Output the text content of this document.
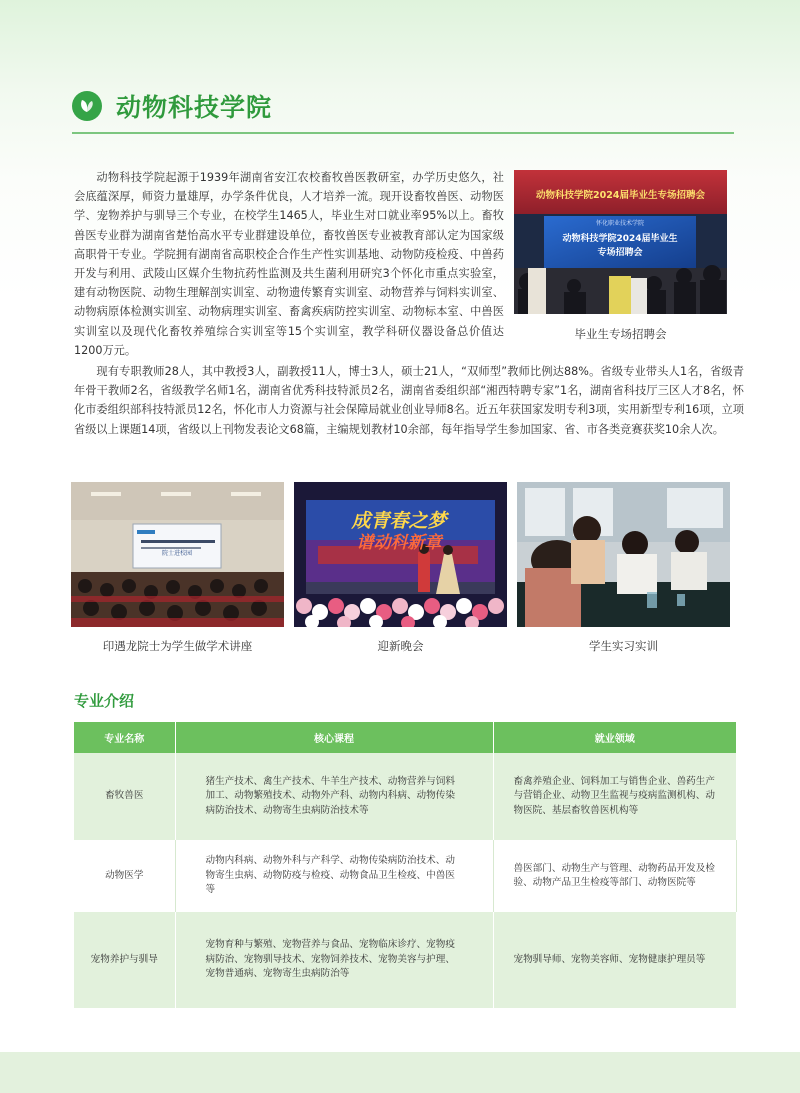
动物科技学院

动物科技学院起源于1939年湖南省安江农校畜牧兽医教研室，办学历史悠久，社会底蕴深厚，师资力量雄厚，办学条件优良，人才培养一流。现开设畜牧兽医、动物医学、宠物养护与驯导三个专业，在校学生1465人，毕业生对口就业率95%以上。畜牧兽医专业群为湖南省楚怡高水平专业群建设单位，畜牧兽医专业被教育部认定为国家级高职骨干专业。学院拥有湖南省高职校企合作生产性实训基地、动物防疫检疫、中兽药开发与利用、武陵山区媒介生物抗药性监测及共生菌利用研究3个怀化市重点实验室，建有动物医院、动物生理解剖实训室、动物遗传繁育实训室、动物营养与饲料实训室、动物病原体检测实训室、动物病理实训室、畜禽疾病防控实训室、动物标本室、中兽医实训室以及现代化畜牧养殖综合实训室等15个实训室，教学科研仪器设备总价值达1200万元。

现有专职教师28人，其中教授3人，副教授11人，博士3人，硕士21人，“双师型”教师比例达88%。省级专业带头人1名，省级青年骨干教师2名，省级教学名师1名，湖南省优秀科技特派员2名，湖南省委组织部“湘西特聘专家”1名，湖南省科技厅三区人才8名，怀化市委组织部科技特派员12名，怀化市人力资源与社会保障局就业创业导师8名。近五年获国家发明专利3项，实用新型专利16项，立项省级以上课题14项，省级以上刊物发表论文68篇，主编规划教材10余部，每年指导学生参加国家、省、市各类竞赛获奖10余人次。

动物科技学院2024届毕业生专场招聘会
怀化职业技术学院
动物科技学院2024届毕业生
专场招聘会
毕业生专场招聘会
院士进校园
印遇龙院士为学生做学术讲座
成青春之梦
谱动科新章
迎新晚会	学生实习实训
专业介绍
专业名称	核心课程	就业领域
畜牧兽医	猪生产技术、禽生产技术、牛羊生产技术、动物营养与饲料加工、动物繁殖技术、动物外产科、动物内科病、动物传染病防治技术、动物寄生虫病防治技术等	畜禽养殖企业、饲料加工与销售企业、兽药生产与营销企业、动物卫生监视与疫病监测机构、动物医院、基层畜牧兽医机构等
动物医学	动物内科病、动物外科与产科学、动物传染病防治技术、动物寄生虫病、动物防疫与检疫、动物食品卫生检疫、中兽医等	兽医部门、动物生产与管理、动物药品开发及检验、动物产品卫生检疫等部门、动物医院等
宠物养护与驯导	宠物育种与繁殖、宠物营养与食品、宠物临床诊疗、宠物疫病防治、宠物驯导技术、宠物饲养技术、宠物美容与护理、宠物普通病、宠物寄生虫病防治等	宠物驯导师、宠物美容师、宠物健康护理员等
